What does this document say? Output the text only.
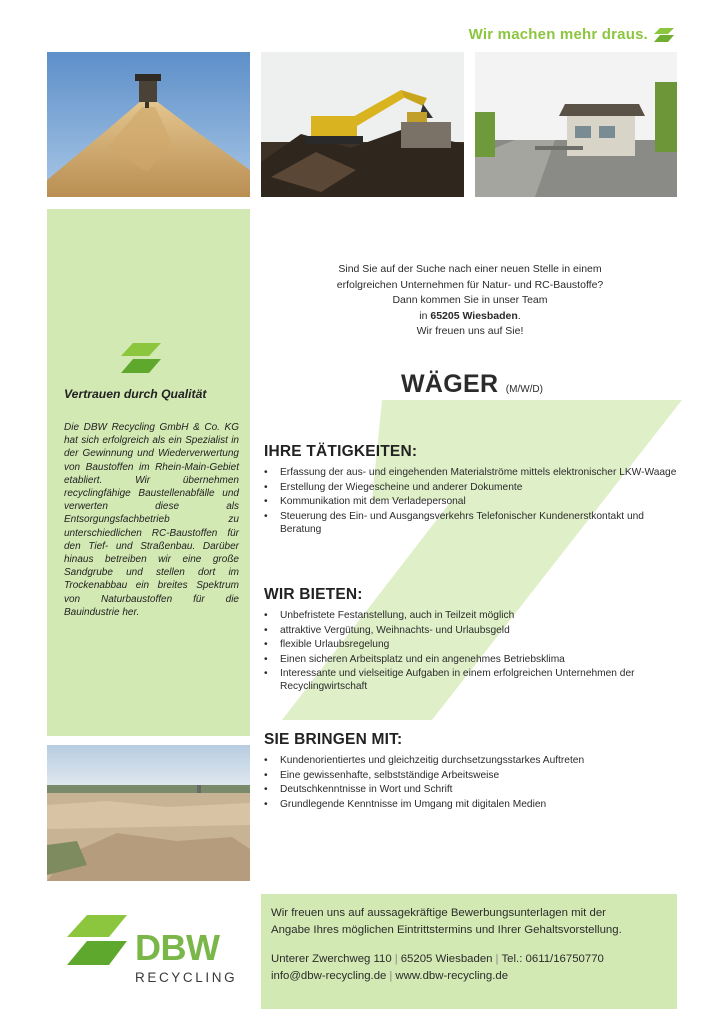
Wir machen mehr draus.
Vertrauen durch Qualität
Die DBW Recycling GmbH & Co. KG hat sich erfolgreich als ein Spezialist in der Gewinnung und Wiederverwertung von Baustoffen im Rhein-Main-Gebiet etabliert. Wir übernehmen recyclingfähige Baustellenabfälle und verwerten diese als Entsorgungsfachbetrieb zu unterschiedlichen RC-Baustoffen für den Tief- und Straßenbau. Darüber hinaus betreiben wir eine große Sandgrube und stellen dort im Trockenabbau ein breites Spektrum von Naturbaustoffen für die Bauindustrie her.
Sind Sie auf der Suche nach einer neuen Stelle in einem
erfolgreichen Unternehmen für Natur- und RC-Baustoffe?
Dann kommen Sie in unser Team
in 65205 Wiesbaden.
Wir freuen uns auf Sie!
WÄGER (M/W/D)
IHRE TÄTIGKEITEN:
• Erfassung der aus- und eingehenden Materialströme mittels elektronischer LKW-Waage
• Erstellung der Wiegescheine und anderer Dokumente
• Kommunikation mit dem Verladepersonal
• Steuerung des Ein- und Ausgangsverkehrs Telefonischer Kundenerstkontakt und Beratung
WIR BIETEN:
• Unbefristete Festanstellung, auch in Teilzeit möglich
• attraktive Vergütung, Weihnachts- und Urlaubsgeld
• flexible Urlaubsregelung
• Einen sicheren Arbeitsplatz und ein angenehmes Betriebsklima
• Interessante und vielseitige Aufgaben in einem erfolgreichen Unternehmen der Recyclingwirtschaft
SIE BRINGEN MIT:
• Kundenorientiertes und gleichzeitig durchsetzungsstarkes Auftreten
• Eine gewissenhafte, selbstständige Arbeitsweise
• Deutschkenntnisse in Wort und Schrift
• Grundlegende Kenntnisse im Umgang mit digitalen Medien
DBW
RECYCLING
Wir freuen uns auf aussagekräftige Bewerbungsunterlagen mit der
Angabe Ihres möglichen Eintrittstermins und Ihrer Gehaltsvorstellung.
Unterer Zwerchweg 110 | 65205 Wiesbaden | Tel.: 0611/16750770
info@dbw-recycling.de | www.dbw-recycling.de
